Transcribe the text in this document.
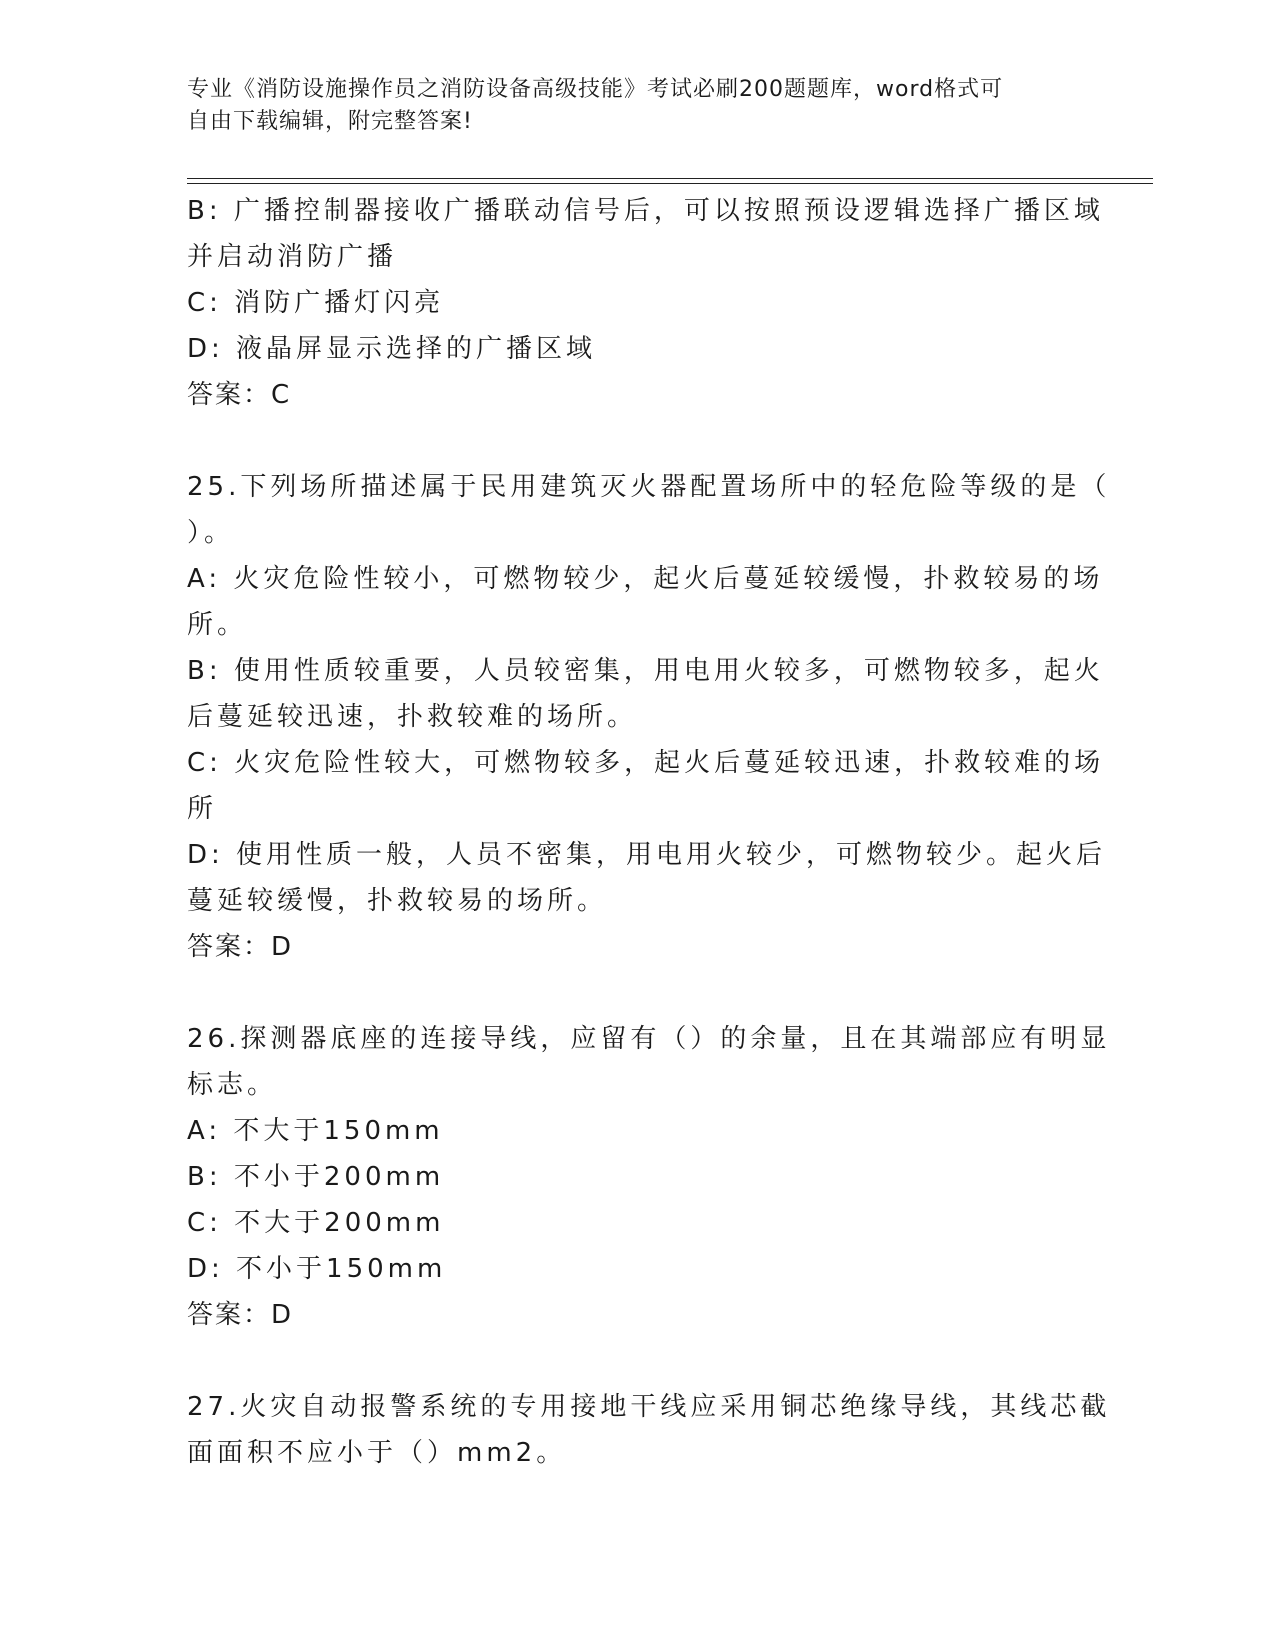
专业《消防设施操作员之消防设备高级技能》考试必刷200题题库，word格式可

自由下载编辑，附完整答案!

B: 广播控制器接收广播联动信号后，可以按照预设逻辑选择广播区域
并启动消防广播
C: 消防广播灯闪亮
D: 液晶屏显示选择的广播区域
答案：C
25.下列场所描述属于民用建筑灭火器配置场所中的轻危险等级的是（
）。
A: 火灾危险性较小，可燃物较少，起火后蔓延较缓慢，扑救较易的场
所。
B: 使用性质较重要，人员较密集，用电用火较多，可燃物较多，起火
后蔓延较迅速，扑救较难的场所。
C: 火灾危险性较大，可燃物较多，起火后蔓延较迅速，扑救较难的场
所
D: 使用性质一般，人员不密集，用电用火较少，可燃物较少。起火后
蔓延较缓慢，扑救较易的场所。
答案：D
26.探测器底座的连接导线，应留有（）的余量，且在其端部应有明显
标志。
A: 不大于150mm
B: 不小于200mm
C: 不大于200mm
D: 不小于150mm
答案：D
27.火灾自动报警系统的专用接地干线应采用铜芯绝缘导线，其线芯截
面面积不应小于（）mm2。
